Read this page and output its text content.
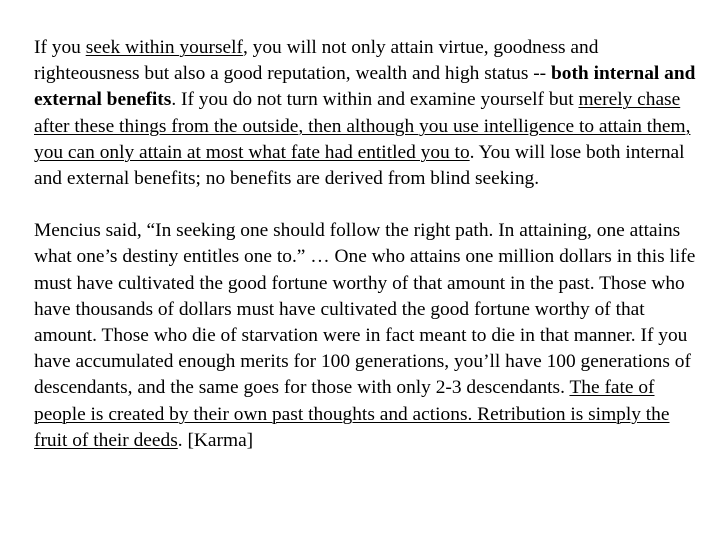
If you seek within yourself, you will not only attain virtue, goodness and righteousness but also a good reputation, wealth and high status -- both internal and external benefits. If you do not turn within and examine yourself but merely chase after these things from the outside, then although you use intelligence to attain them, you can only attain at most what fate had entitled you to. You will lose both internal and external benefits; no benefits are derived from blind seeking.

Mencius said, “In seeking one should follow the right path. In attaining, one attains what one’s destiny entitles one to.” … One who attains one million dollars in this life must have cultivated the good fortune worthy of that amount in the past. Those who have thousands of dollars must have cultivated the good fortune worthy of that amount. Those who die of starvation were in fact meant to die in that manner. If you have accumulated enough merits for 100 generations, you’ll have 100 generations of descendants, and the same goes for those with only 2-3 descendants. The fate of people is created by their own past thoughts and actions. Retribution is simply the fruit of their deeds. [Karma]
